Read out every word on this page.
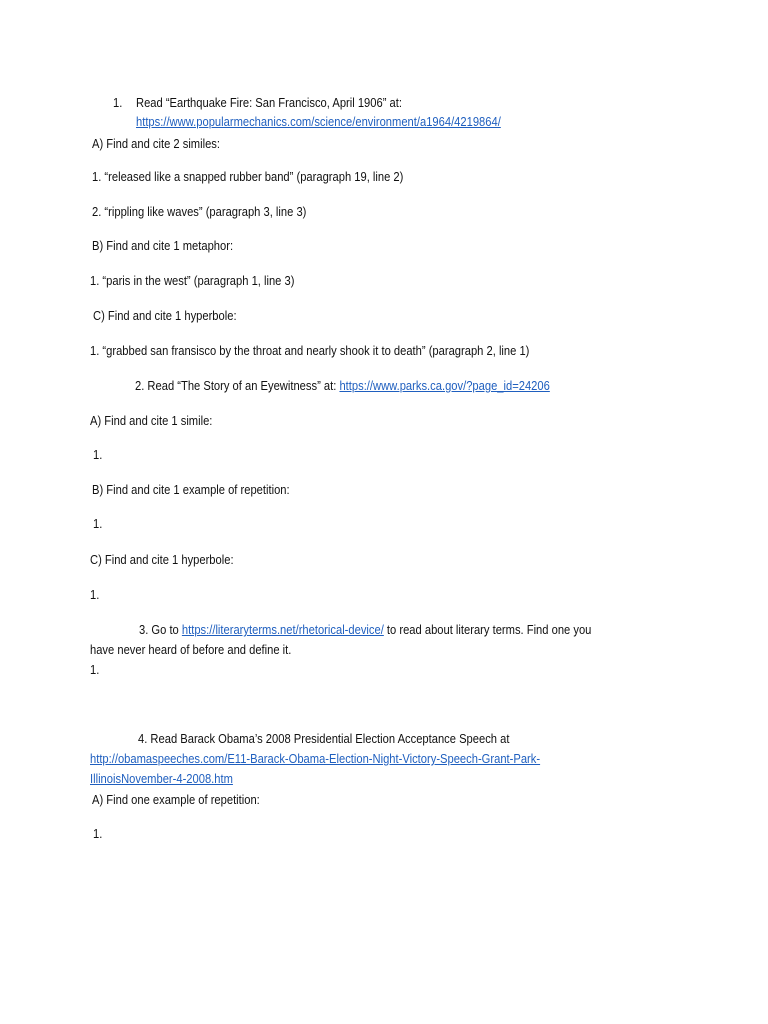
1. Read “Earthquake Fire: San Francisco, April 1906” at:
https://www.popularmechanics.com/science/environment/a1964/4219864/
A) Find and cite 2 similes:
1. “released like a snapped rubber band” (paragraph 19, line 2)
2. “rippling like waves” (paragraph 3, line 3)
B) Find and cite 1 metaphor:
1. “paris in the west” (paragraph 1, line 3)
C) Find and cite 1 hyperbole:
1. “grabbed san fransisco by the throat and nearly shook it to death” (paragraph 2, line 1)
2. Read “The Story of an Eyewitness” at: https://www.parks.ca.gov/?page_id=24206
A) Find and cite 1 simile:
1.
B) Find and cite 1 example of repetition:
1.
C) Find and cite 1 hyperbole:
1.
3. Go to https://literaryterms.net/rhetorical-device/ to read about literary terms. Find one you
have never heard of before and define it.
1.
4. Read Barack Obama’s 2008 Presidential Election Acceptance Speech at
http://obamaspeeches.com/E11-Barack-Obama-Election-Night-Victory-Speech-Grant-Park-
IllinoisNovember-4-2008.htm
A) Find one example of repetition:
1.
